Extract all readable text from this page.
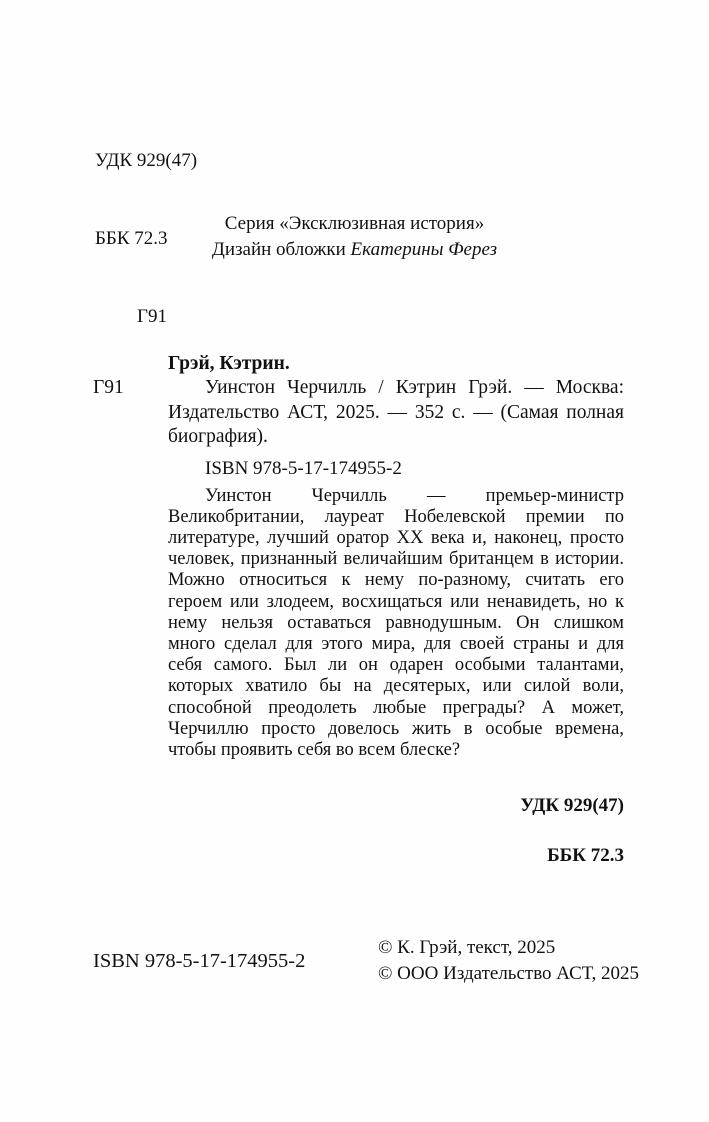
УДК 929(47)

ББК 72.3

Г91

Серия «Эксклюзивная история»
Дизайн обложки Екатерины Ферез
Г91
Грэй, Кэтрин.
Уинстон Черчилль / Кэтрин Грэй. — Москва: Издательство АСТ, 2025. — 352 с. — (Самая полная биография).
ISBN 978-5-17-174955-2
Уинстон Черчилль — премьер-министр Великобритании, лауреат Нобелевской премии по литературе, лучший оратор XX века и, наконец, просто человек, признанный величайшим британцем в истории. Можно относиться к нему по-разному, считать его героем или злодеем, восхищаться или ненавидеть, но к нему нельзя оставаться равнодушным. Он слишком много сделал для этого мира, для своей страны и для себя самого. Был ли он одарен особыми талантами, которых хватило бы на десятерых, или силой воли, способной преодолеть любые преграды? А может, Черчиллю просто довелось жить в особые времена, чтобы проявить себя во всем блеске?

УДК 929(47)

ББК 72.3

ISBN 978-5-17-174955-2
© К. Грэй, текст, 2025
© ООО Издательство АСТ, 2025
